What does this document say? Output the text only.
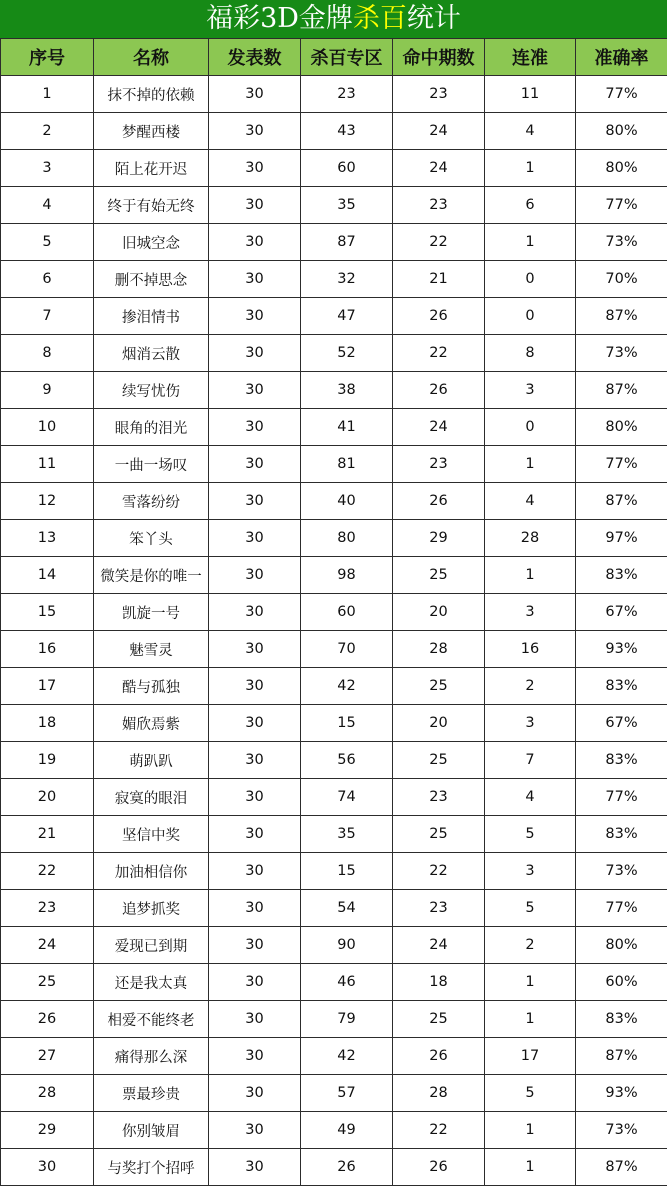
福彩3D金牌杀百统计
序号	名称	发表数	杀百专区	命中期数	连准	准确率
1	抹不掉的依赖	30	23	23	11	77%
2	梦醒西楼	30	43	24	4	80%
3	陌上花开迟	30	60	24	1	80%
4	终于有始无终	30	35	23	6	77%
5	旧城空念	30	87	22	1	73%
6	删不掉思念	30	32	21	0	70%
7	掺泪情书	30	47	26	0	87%
8	烟消云散	30	52	22	8	73%
9	续写忧伤	30	38	26	3	87%
10	眼角的泪光	30	41	24	0	80%
11	一曲一场叹	30	81	23	1	77%
12	雪落纷纷	30	40	26	4	87%
13	笨丫头	30	80	29	28	97%
14	微笑是你的唯一	30	98	25	1	83%
15	凯旋一号	30	60	20	3	67%
16	魅雪灵	30	70	28	16	93%
17	酷与孤独	30	42	25	2	83%
18	媚欣焉紫	30	15	20	3	67%
19	萌趴趴	30	56	25	7	83%
20	寂寞的眼泪	30	74	23	4	77%
21	坚信中奖	30	35	25	5	83%
22	加油相信你	30	15	22	3	73%
23	追梦抓奖	30	54	23	5	77%
24	爱现已到期	30	90	24	2	80%
25	还是我太真	30	46	18	1	60%
26	相爱不能终老	30	79	25	1	83%
27	痛得那么深	30	42	26	17	87%
28	票最珍贵	30	57	28	5	93%
29	你别皱眉	30	49	22	1	73%
30	与奖打个招呼	30	26	26	1	87%
